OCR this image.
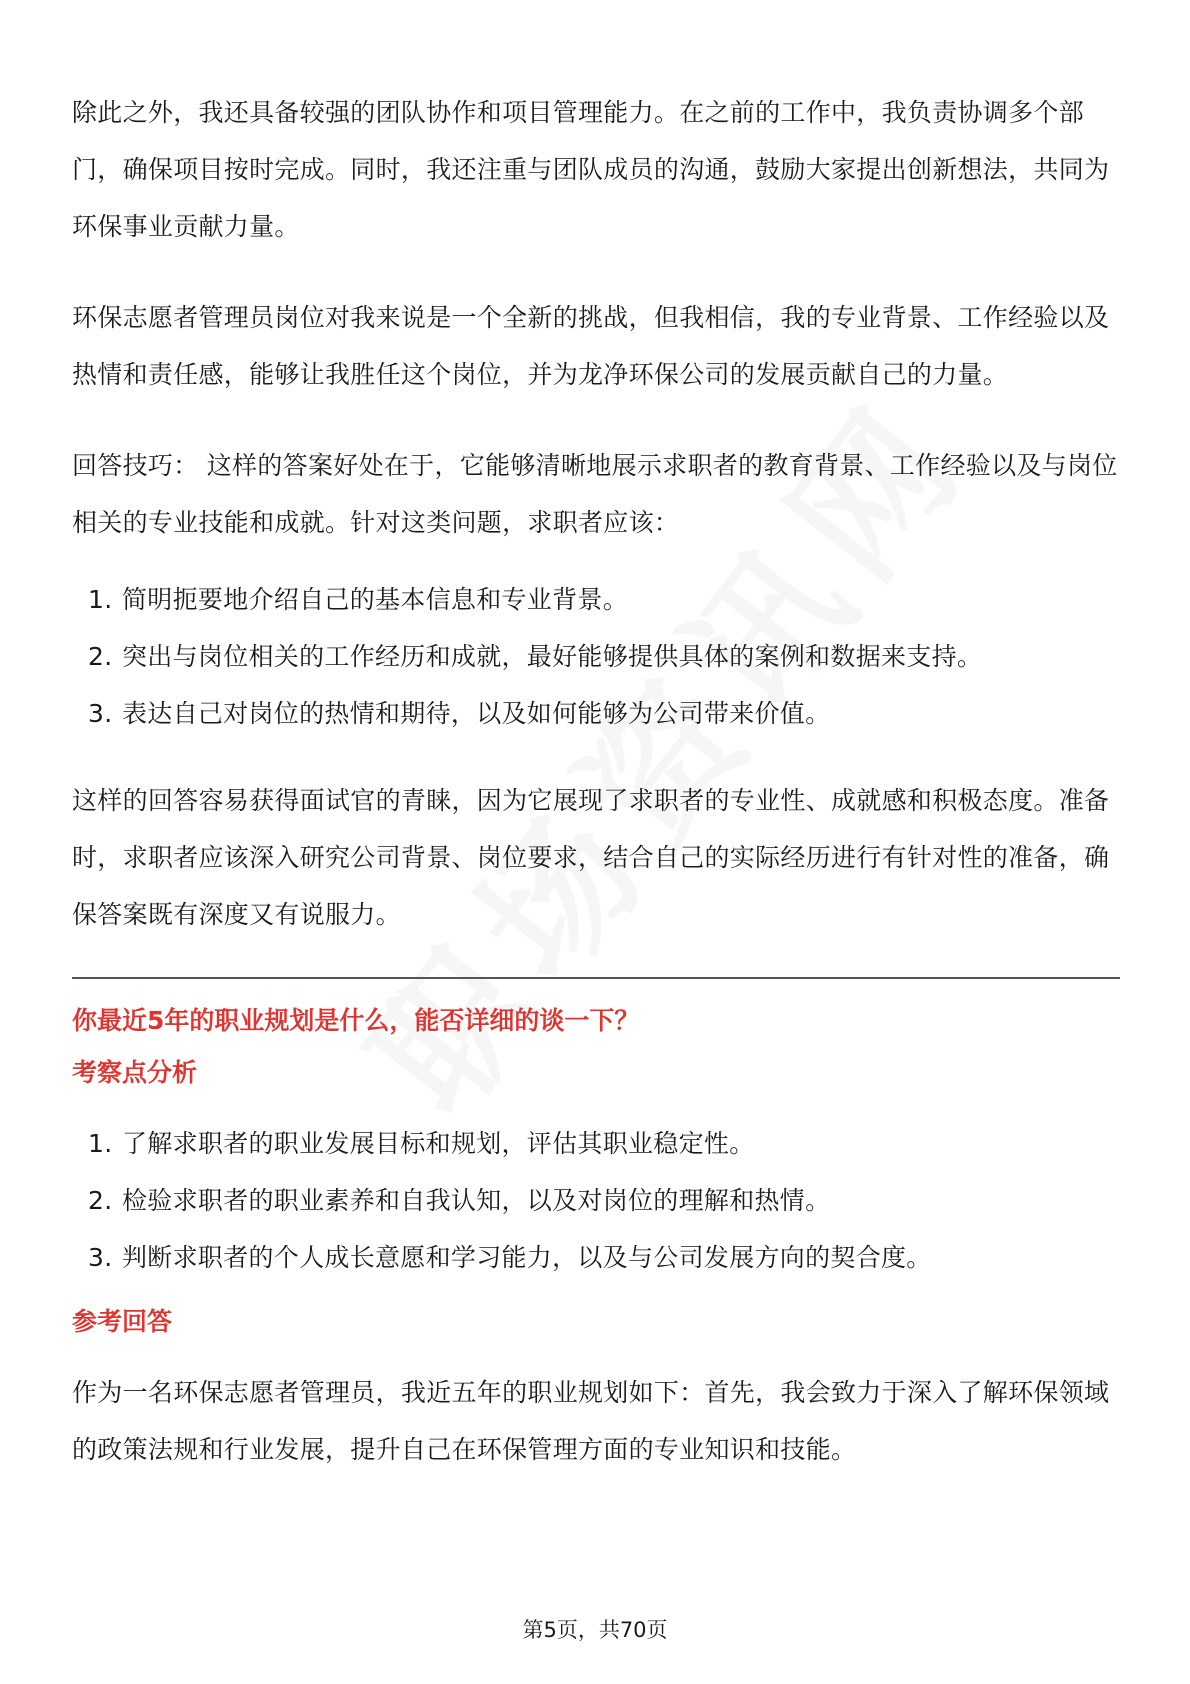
除此之外，我还具备较强的团队协作和项目管理能力。在之前的工作中，我负责协调多个部门，确保项目按时完成。同时，我还注重与团队成员的沟通，鼓励大家提出创新想法，共同为环保事业贡献力量。

环保志愿者管理员岗位对我来说是一个全新的挑战，但我相信，我的专业背景、工作经验以及热情和责任感，能够让我胜任这个岗位，并为龙净环保公司的发展贡献自己的力量。

回答技巧： 这样的答案好处在于，它能够清晰地展示求职者的教育背景、工作经验以及与岗位相关的专业技能和成就。针对这类问题，求职者应该：

1. 简明扼要地介绍自己的基本信息和专业背景。
2. 突出与岗位相关的工作经历和成就，最好能够提供具体的案例和数据来支持。
3. 表达自己对岗位的热情和期待，以及如何能够为公司带来价值。

这样的回答容易获得面试官的青睐，因为它展现了求职者的专业性、成就感和积极态度。准备时，求职者应该深入研究公司背景、岗位要求，结合自己的实际经历进行有针对性的准备，确保答案既有深度又有说服力。

你最近5年的职业规划是什么，能否详细的谈一下？
考察点分析
1. 了解求职者的职业发展目标和规划，评估其职业稳定性。
2. 检验求职者的职业素养和自我认知，以及对岗位的理解和热情。
3. 判断求职者的个人成长意愿和学习能力，以及与公司发展方向的契合度。
参考回答

作为一名环保志愿者管理员，我近五年的职业规划如下：首先，我会致力于深入了解环保领域的政策法规和行业发展，提升自己在环保管理方面的专业知识和技能。

第5页，共70页
